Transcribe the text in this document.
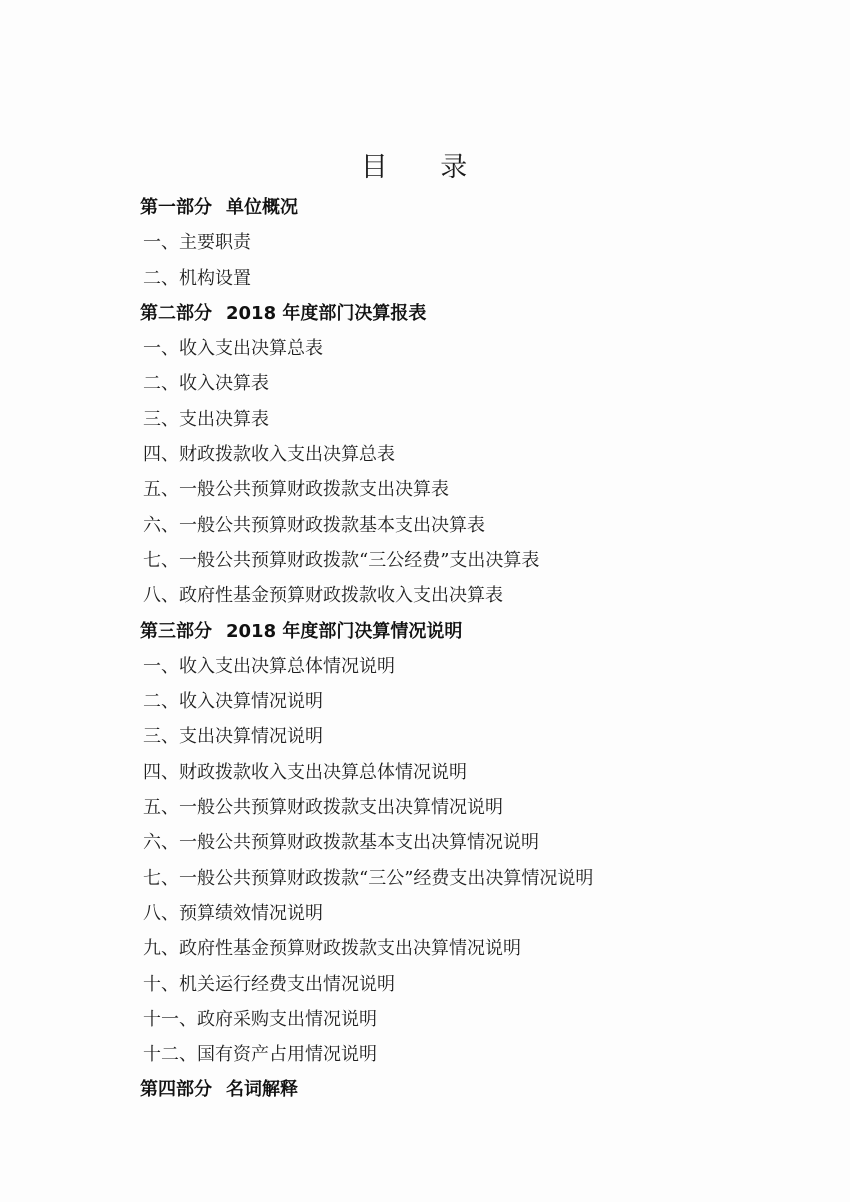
目 录
第一部分 单位概况
一、主要职责
二、机构设置
第二部分 2018 年度部门决算报表
一、收入支出决算总表
二、收入决算表
三、支出决算表
四、财政拨款收入支出决算总表
五、一般公共预算财政拨款支出决算表
六、一般公共预算财政拨款基本支出决算表
七、一般公共预算财政拨款“三公经费”支出决算表
八、政府性基金预算财政拨款收入支出决算表
第三部分 2018 年度部门决算情况说明
一、收入支出决算总体情况说明
二、收入决算情况说明
三、支出决算情况说明
四、财政拨款收入支出决算总体情况说明
五、一般公共预算财政拨款支出决算情况说明
六、一般公共预算财政拨款基本支出决算情况说明
七、一般公共预算财政拨款“三公”经费支出决算情况说明
八、预算绩效情况说明
九、政府性基金预算财政拨款支出决算情况说明
十、机关运行经费支出情况说明
十一、政府采购支出情况说明
十二、国有资产占用情况说明
第四部分 名词解释
